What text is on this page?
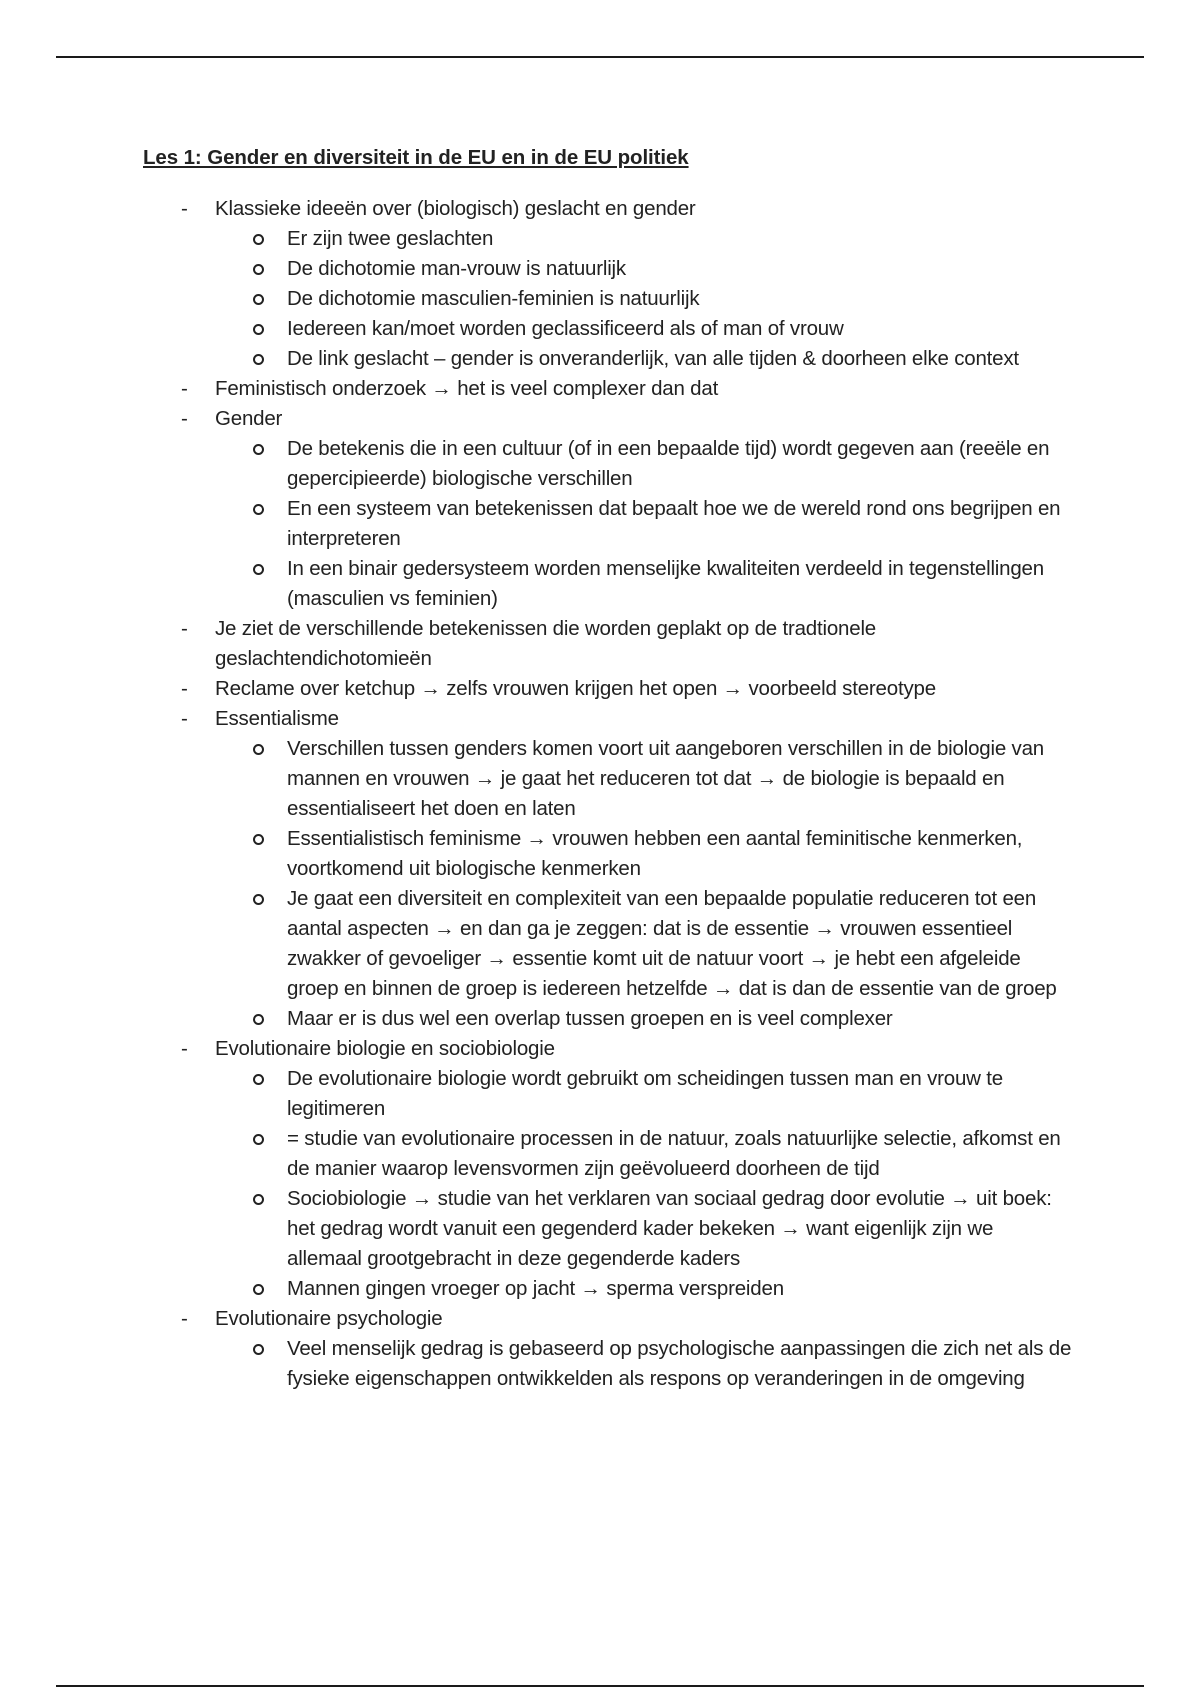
Les 1: Gender en diversiteit in de EU en in de EU politiek
- Klassieke ideeën over (biologisch) geslacht en gender
Er zijn twee geslachten
De dichotomie man-vrouw is natuurlijk
De dichotomie masculien-feminien is natuurlijk
Iedereen kan/moet worden geclassificeerd als of man of vrouw
De link geslacht – gender is onveranderlijk, van alle tijden & doorheen elke context
- Feministisch onderzoek → het is veel complexer dan dat
- Gender
De betekenis die in een cultuur (of in een bepaalde tijd) wordt gegeven aan (reeële en gepercipieerde) biologische verschillen
En een systeem van betekenissen dat bepaalt hoe we de wereld rond ons begrijpen en interpreteren
In een binair gedersysteem worden menselijke kwaliteiten verdeeld in tegenstellingen (masculien vs feminien)
- Je ziet de verschillende betekenissen die worden geplakt op de tradtionele geslachtendichotomieën
- Reclame over ketchup → zelfs vrouwen krijgen het open → voorbeeld stereotype
- Essentialisme
Verschillen tussen genders komen voort uit aangeboren verschillen in de biologie van mannen en vrouwen → je gaat het reduceren tot dat → de biologie is bepaald en essentialiseert het doen en laten
Essentialistisch feminisme → vrouwen hebben een aantal feminitische kenmerken, voortkomend uit biologische kenmerken
Je gaat een diversiteit en complexiteit van een bepaalde populatie reduceren tot een aantal aspecten → en dan ga je zeggen: dat is de essentie → vrouwen essentieel zwakker of gevoeliger → essentie komt uit de natuur voort → je hebt een afgeleide groep en binnen de groep is iedereen hetzelfde → dat is dan de essentie van de groep
Maar er is dus wel een overlap tussen groepen en is veel complexer
- Evolutionaire biologie en sociobiologie
De evolutionaire biologie wordt gebruikt om scheidingen tussen man en vrouw te legitimeren
= studie van evolutionaire processen in de natuur, zoals natuurlijke selectie, afkomst en de manier waarop levensvormen zijn geëvolueerd doorheen de tijd
Sociobiologie → studie van het verklaren van sociaal gedrag door evolutie → uit boek: het gedrag wordt vanuit een gegenderd kader bekeken → want eigenlijk zijn we allemaal grootgebracht in deze gegenderde kaders
Mannen gingen vroeger op jacht → sperma verspreiden
- Evolutionaire psychologie
Veel menselijk gedrag is gebaseerd op psychologische aanpassingen die zich net als de fysieke eigenschappen ontwikkelden als respons op veranderingen in de omgeving
